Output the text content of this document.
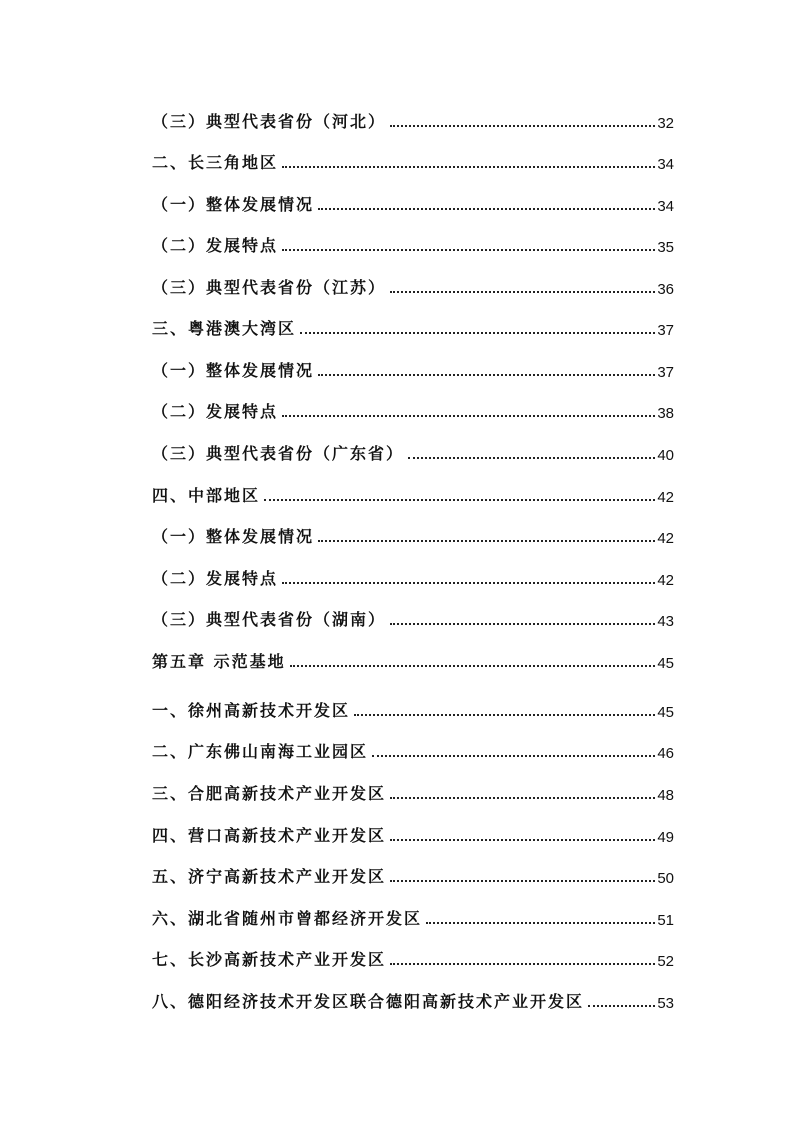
（三）典型代表省份（河北）	32
二、长三角地区	34
（一）整体发展情况	34
（二）发展特点	35
（三）典型代表省份（江苏）	36
三、粤港澳大湾区	37
（一）整体发展情况	37
（二）发展特点	38
（三）典型代表省份（广东省）	40
四、中部地区	42
（一）整体发展情况	42
（二）发展特点	42
（三）典型代表省份（湖南）	43
第五章 示范基地	45
一、徐州高新技术开发区	45
二、广东佛山南海工业园区	46
三、合肥高新技术产业开发区	48
四、营口高新技术产业开发区	49
五、济宁高新技术产业开发区	50
六、湖北省随州市曾都经济开发区	51
七、长沙高新技术产业开发区	52
八、德阳经济技术开发区联合德阳高新技术产业开发区	53
